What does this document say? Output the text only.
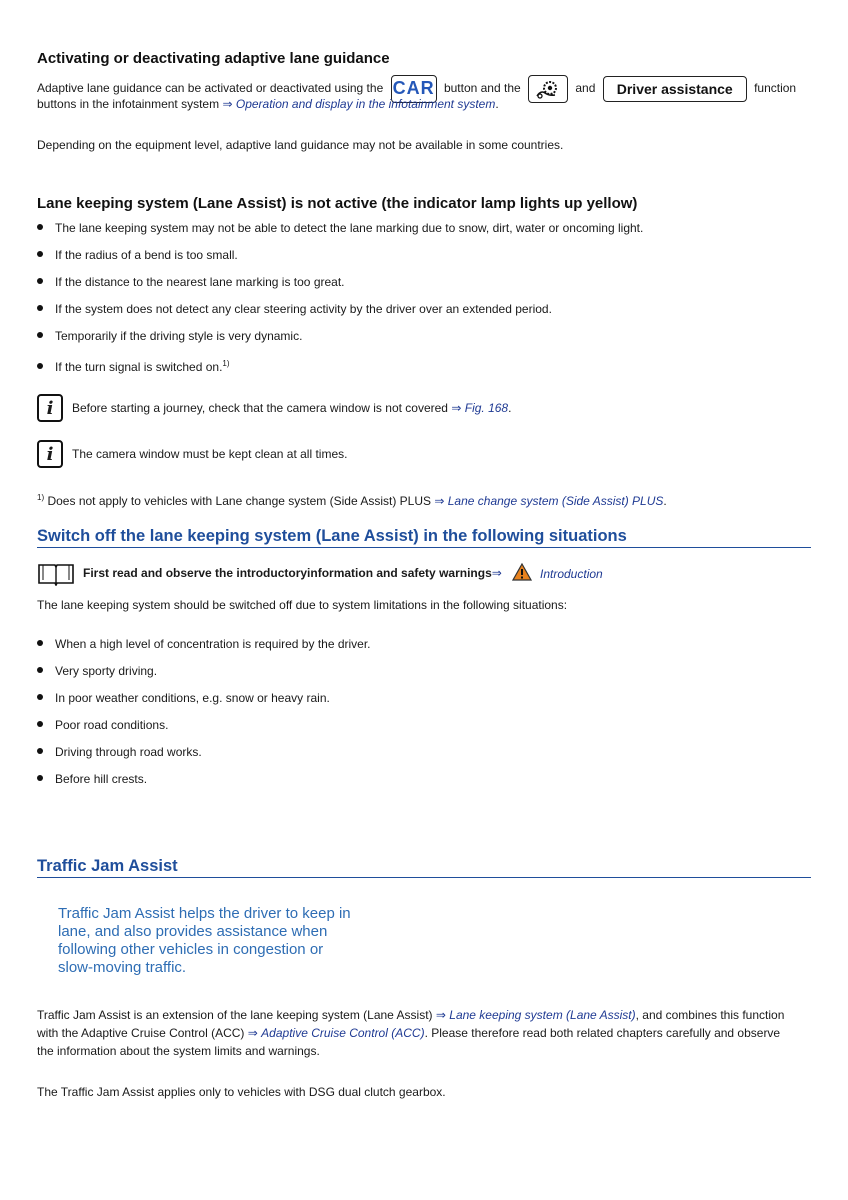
Activating or deactivating adaptive lane guidance
Adaptive lane guidance can be activated or deactivated using the CAR button and the	and	Driver assistance	function
buttons in the infotainment system ⇒ Operation and display in the infotainment system.
Depending on the equipment level, adaptive land guidance may not be available in some countries.
Lane keeping system (Lane Assist) is not active (the indicator lamp lights up yellow)
The lane keeping system may not be able to detect the lane marking due to snow, dirt, water or oncoming light.
If the radius of a bend is too small.
If the distance to the nearest lane marking is too great.
If the system does not detect any clear steering activity by the driver over an extended period.
Temporarily if the driving style is very dynamic.
If the turn signal is switched on.$^{1)}$
i	Before starting a journey, check that the camera window is not covered ⇒ Fig. 168.
i	The camera window must be kept clean at all times.
$^{1)}$ Does not apply to vehicles with Lane change system (Side Assist) PLUS ⇒ Lane change system (Side Assist) PLUS.
Switch off the lane keeping system (Lane Assist) in the following situations
First read and observe the introductoryinformation and safety warnings⇒	Introduction
The lane keeping system should be switched off due to system limitations in the following situations:
When a high level of concentration is required by the driver.
Very sporty driving.
In poor weather conditions, e.g. snow or heavy rain.
Poor road conditions.
Driving through road works.
Before hill crests.
Traffic Jam Assist
Traffic Jam Assist helps the driver to keep in
lane, and also provides assistance when
following other vehicles in congestion or
slow-moving traffic.
Traffic Jam Assist is an extension of the lane keeping system (Lane Assist) ⇒ Lane keeping system (Lane Assist), and combines this function
with the Adaptive Cruise Control (ACC) ⇒ Adaptive Cruise Control (ACC). Please therefore read both related chapters carefully and observe
the information about the system limits and warnings.
The Traffic Jam Assist applies only to vehicles with DSG dual clutch gearbox.
